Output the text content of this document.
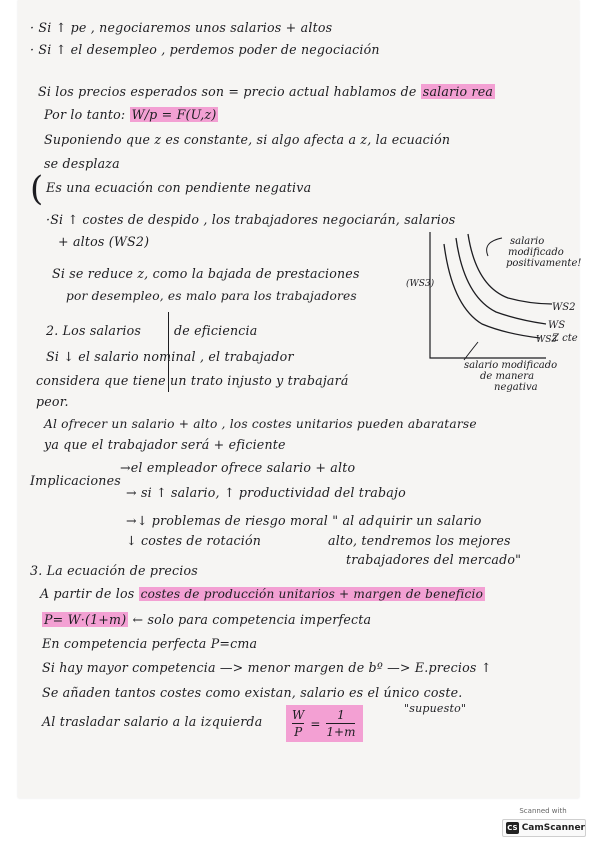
· Si ↑ pe , negociaremos unos salarios + altos
· Si ↑ el desempleo , perdemos poder de negociación
Si los precios esperados son = precio actual hablamos de salario rea
Por lo tanto: W/p = F(U,z)
Suponiendo que z es constante, si algo afecta a z, la ecuación
se desplaza
( Es una ecuación con pendiente negativa
·Si ↑ costes de despido , los trabajadores negociarán, salarios
+ altos (WS2)
Si se reduce z, como la bajada de prestaciones
por desempleo, es malo para los trabajadores
2. Los salarios	de eficiencia
Si ↓ el salario nominal , el trabajador
considera que tiene un trato injusto y trabajará
peor.
salario
modificado
positivamente!
WS2
WS
WS3
Z cte
(WS3)
salario modificado
de manera
negativa
Al ofrecer un salario + alto , los costes unitarios pueden abaratarse
ya que el trabajador será + eficiente
Implicaciones
→el empleador ofrece salario + alto
→ si ↑ salario, ↑ productividad del trabajo
→↓ problemas de riesgo moral " al adquirir un salario
↓ costes de rotación	alto, tendremos los mejores
trabajadores del mercado"
3. La ecuación de precios
A partir de los costes de producción unitarios + margen de beneficio
P= W·(1+m) ← solo para competencia imperfecta
En competencia perfecta P=cma
Si hay mayor competencia —> menor margen de bº —> E.precios ↑
Se añaden tantos costes como existan, salario es el único coste.
"supuesto"
Al trasladar salario a la izquierda $\frac{W}{P} = \frac{1}{1+m}$
Scanned with
CS CamScanner
